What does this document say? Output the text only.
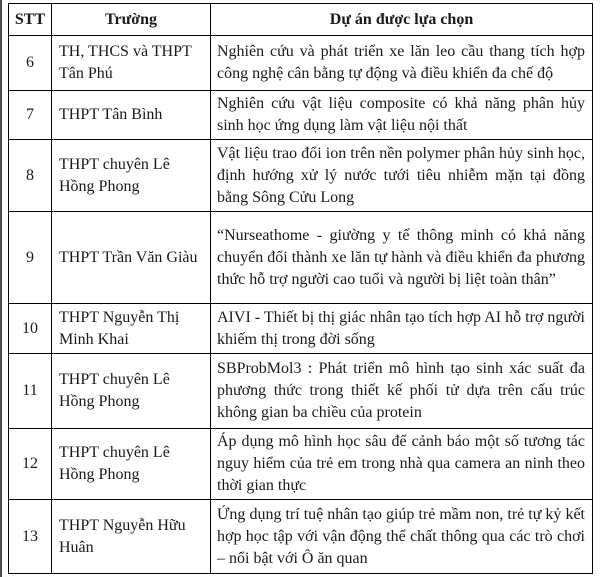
STT	Trường	Dự án được lựa chọn
6	TH, THCS và THPT Tân Phú	Nghiên cứu và phát triển xe lăn leo cầu thang tích hợp công nghệ cân bằng tự động và điều khiển đa chế độ
7	THPT Tân Bình	Nghiên cứu vật liệu composite có khả năng phân hủy sinh học ứng dụng làm vật liệu nội thất
8	THPT chuyên Lê Hồng Phong	Vật liệu trao đổi ion trên nền polymer phân hủy sinh học, định hướng xử lý nước tưới tiêu nhiễm mặn tại đồng bằng Sông Cửu Long
9	THPT Trần Văn Giàu	“Nurseathome - giường y tế thông minh có khả năng chuyển đổi thành xe lăn tự hành và điều khiển đa phương thức hỗ trợ người cao tuổi và người bị liệt toàn thân”
10	THPT Nguyễn Thị Minh Khai	AIVI - Thiết bị thị giác nhân tạo tích hợp AI hỗ trợ người khiếm thị trong đời sống
11	THPT chuyên Lê Hồng Phong	SBProbMol3 : Phát triển mô hình tạo sinh xác suất đa phương thức trong thiết kế phối tử dựa trên cấu trúc không gian ba chiều của protein
12	THPT chuyên Lê Hồng Phong	Áp dụng mô hình học sâu để cảnh báo một số tương tác nguy hiểm của trẻ em trong nhà qua camera an ninh theo thời gian thực
13	THPT Nguyễn Hữu Huân	Ứng dụng trí tuệ nhân tạo giúp trẻ mầm non, trẻ tự kỷ kết hợp học tập với vận động thể chất thông qua các trò chơi – nổi bật với Ô ăn quan
